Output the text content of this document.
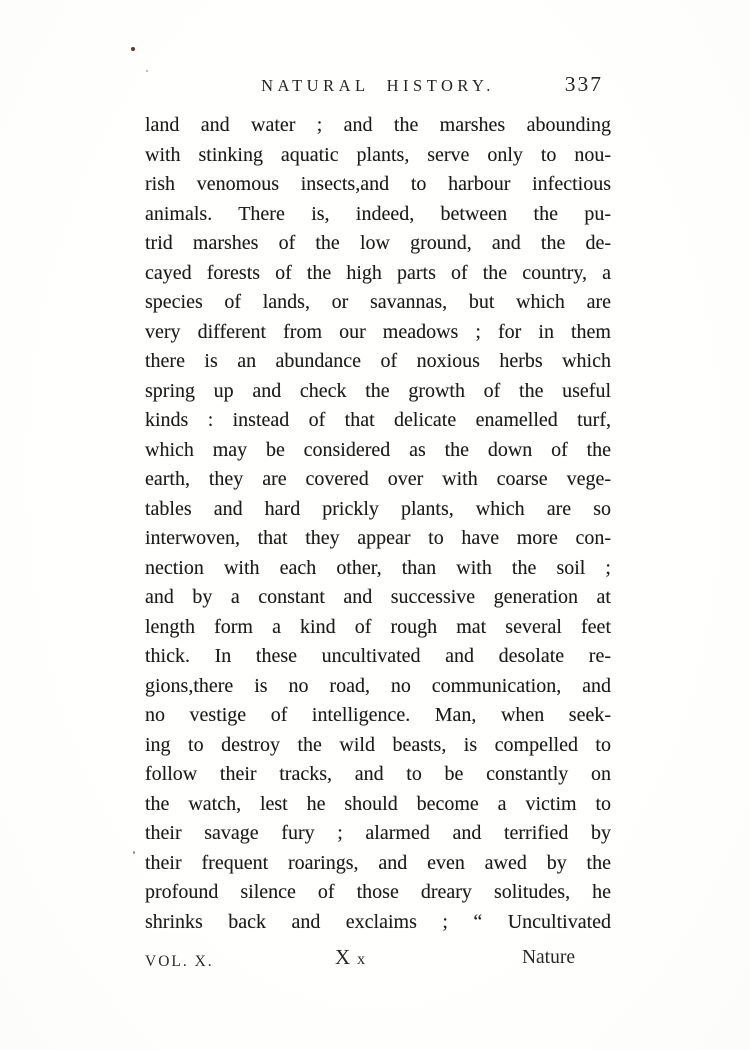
NATURAL HISTORY.	337
land and water ; and the marshes abounding
with stinking aquatic plants, serve only to nou-
rish venomous insects,and to harbour infectious
animals. There is, indeed, between the pu-
trid marshes of the low ground, and the de-
cayed forests of the high parts of the country, a
species of lands, or savannas, but which are
very different from our meadows ; for in them
there is an abundance of noxious herbs which
spring up and check the growth of the useful
kinds : instead of that delicate enamelled turf,
which may be considered as the down of the
earth, they are covered over with coarse vege-
tables and hard prickly plants, which are so
interwoven, that they appear to have more con-
nection with each other, than with the soil ;
and by a constant and successive generation at
length form a kind of rough mat several feet
thick. In these uncultivated and desolate re-
gions,there is no road, no communication, and
no vestige of intelligence. Man, when seek-
ing to destroy the wild beasts, is compelled to
follow their tracks, and to be constantly on
the watch, lest he should become a victim to
their savage fury ; alarmed and terrified by
their frequent roarings, and even awed by the
profound silence of those dreary solitudes, he
shrinks back and exclaims ; “ Uncultivated
VOL. X.	X x	Nature
